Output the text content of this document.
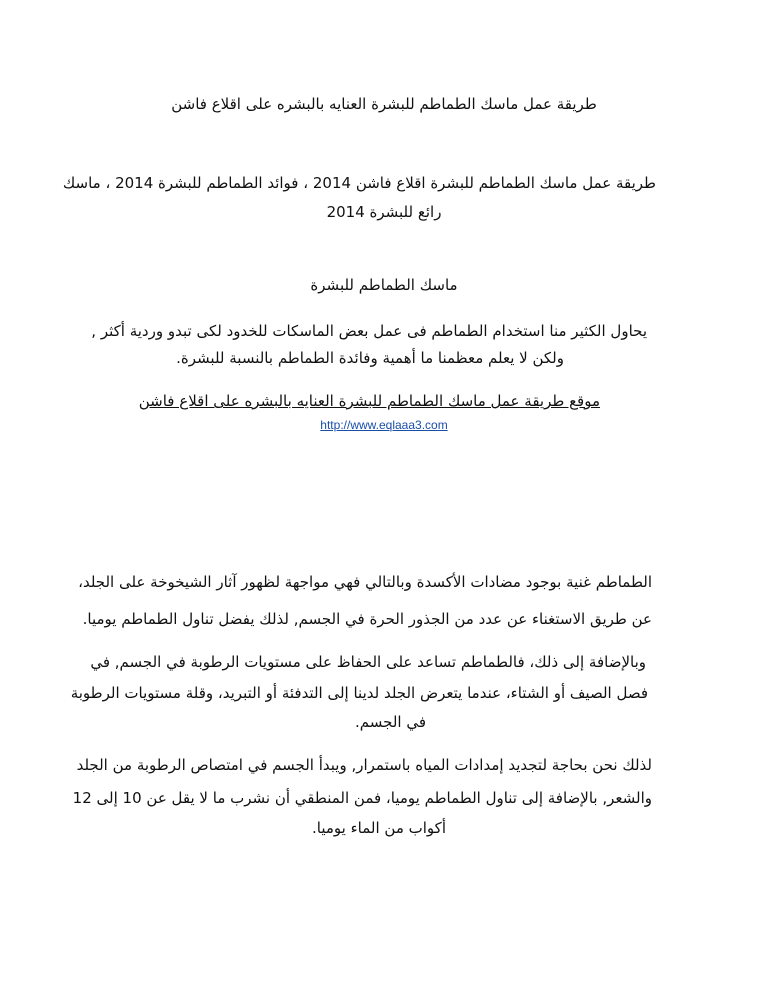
طريقة عمل ماسك الطماطم للبشرة العنايه بالبشره على اقلاع فاشن
طريقة عمل ماسك الطماطم للبشرة اقلاع فاشن 2014 ، فوائد الطماطم للبشرة 2014 ، ماسك
رائع للبشرة 2014
ماسك الطماطم للبشرة
يحاول الكثير منا استخدام الطماطم فى عمل بعض الماسكات للخدود لكى تبدو وردية أكثر ,
ولكن لا يعلم معظمنا ما أهمية وفائدة الطماطم بالنسبة للبشرة.
موقع طريقة عمل ماسك الطماطم للبشرة العنايه بالبشره على اقلاع فاشن
http://www.eqlaaa3.com
الطماطم غنية بوجود مضادات الأكسدة وبالتالي فهي مواجهة لظهور آثار الشيخوخة على الجلد،
عن طريق الاستغناء عن عدد من الجذور الحرة في الجسم, لذلك يفضل تناول الطماطم يوميا.
وبالإضافة إلى ذلك، فالطماطم تساعد على الحفاظ على مستويات الرطوبة في الجسم, في
فصل الصيف أو الشتاء، عندما يتعرض الجلد لدينا إلى التدفئة أو التبريد، وقلة مستويات الرطوبة
في الجسم.
لذلك نحن بحاجة لتجديد إمدادات المياه باستمرار, ويبدأ الجسم في امتصاص الرطوبة من الجلد
والشعر, بالإضافة إلى تناول الطماطم يوميا، فمن المنطقي أن نشرب ما لا يقل عن 10 إلى 12
أكواب من الماء يوميا.
